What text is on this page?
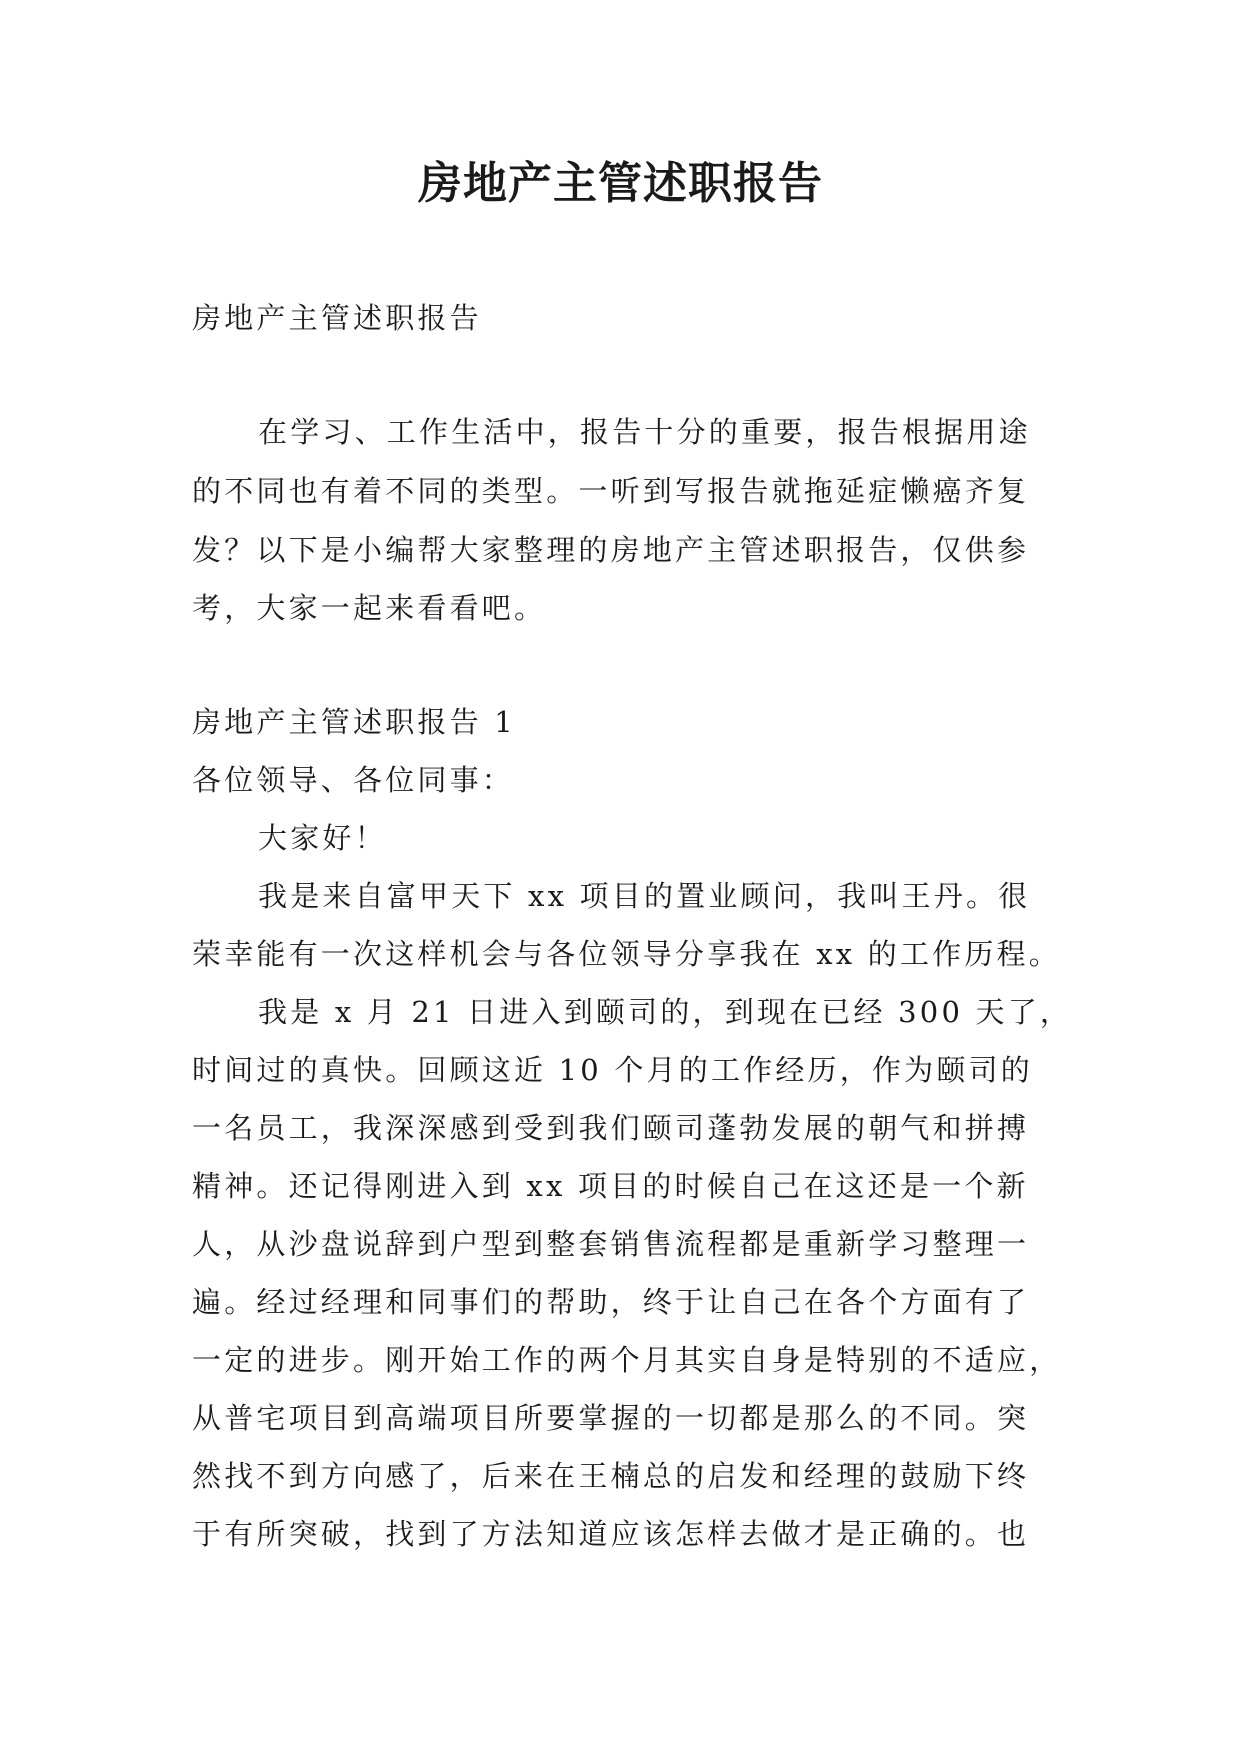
房地产主管述职报告

房地产主管述职报告

在学习、工作生活中，报告十分的重要，报告根据用途

的不同也有着不同的类型。一听到写报告就拖延症懒癌齐复

发？以下是小编帮大家整理的房地产主管述职报告，仅供参

考，大家一起来看看吧。

房地产主管述职报告 1

各位领导、各位同事：

大家好！

我是来自富甲天下 xx 项目的置业顾问，我叫王丹。很

荣幸能有一次这样机会与各位领导分享我在 xx 的工作历程。

我是 x 月 21 日进入到颐司的，到现在已经 300 天了，

时间过的真快。回顾这近 10 个月的工作经历，作为颐司的

一名员工，我深深感到受到我们颐司蓬勃发展的朝气和拼搏

精神。还记得刚进入到 xx 项目的时候自己在这还是一个新

人，从沙盘说辞到户型到整套销售流程都是重新学习整理一

遍。经过经理和同事们的帮助，终于让自己在各个方面有了

一定的进步。刚开始工作的两个月其实自身是特别的不适应，

从普宅项目到高端项目所要掌握的一切都是那么的不同。突

然找不到方向感了，后来在王楠总的启发和经理的鼓励下终

于有所突破，找到了方法知道应该怎样去做才是正确的。也
